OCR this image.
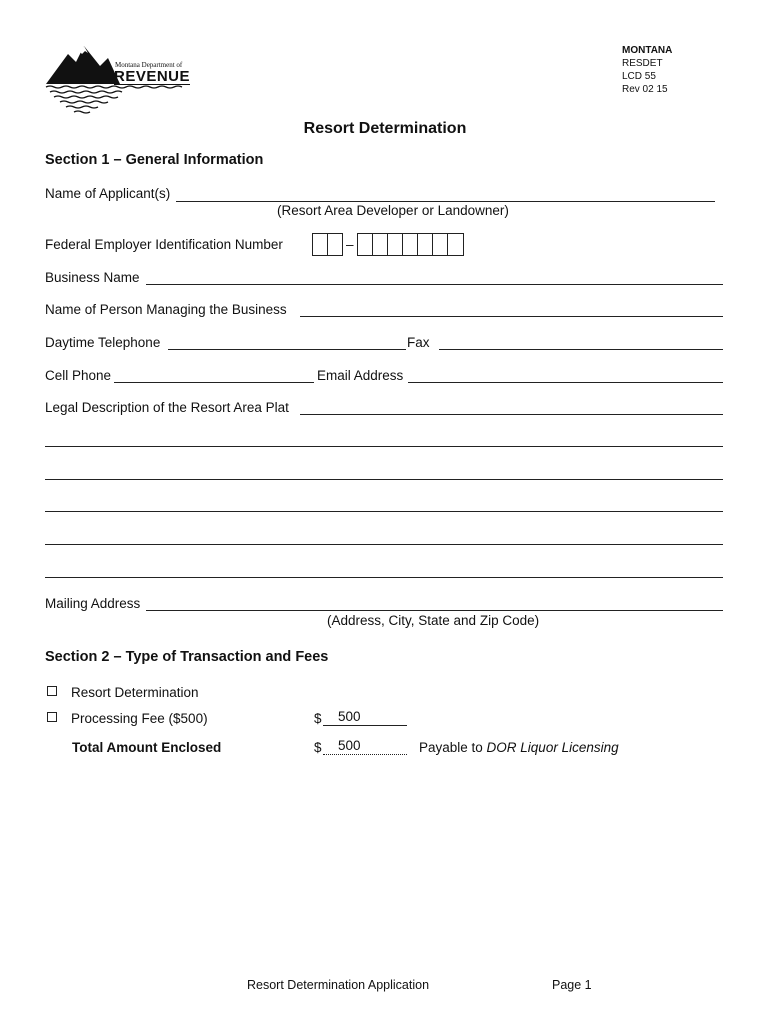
Montana Department of
REVENUE
MONTANA
RESDET
LCD 55
Rev 02 15
Resort Determination
Section 1 – General Information
Name of Applicant(s)
(Resort Area Developer or Landowner)
Federal Employer Identification Number	–
Business Name
Name of Person Managing the Business
Daytime Telephone	Fax
Cell Phone	Email Address
Legal Description of the Resort Area Plat
Mailing Address
(Address, City, State and Zip Code)
Section 2 – Type of Transaction and Fees
Resort Determination
Processing Fee ($500)	$	500
Total Amount Enclosed	$	500	Payable to DOR Liquor Licensing
Resort Determination Application	Page 1
